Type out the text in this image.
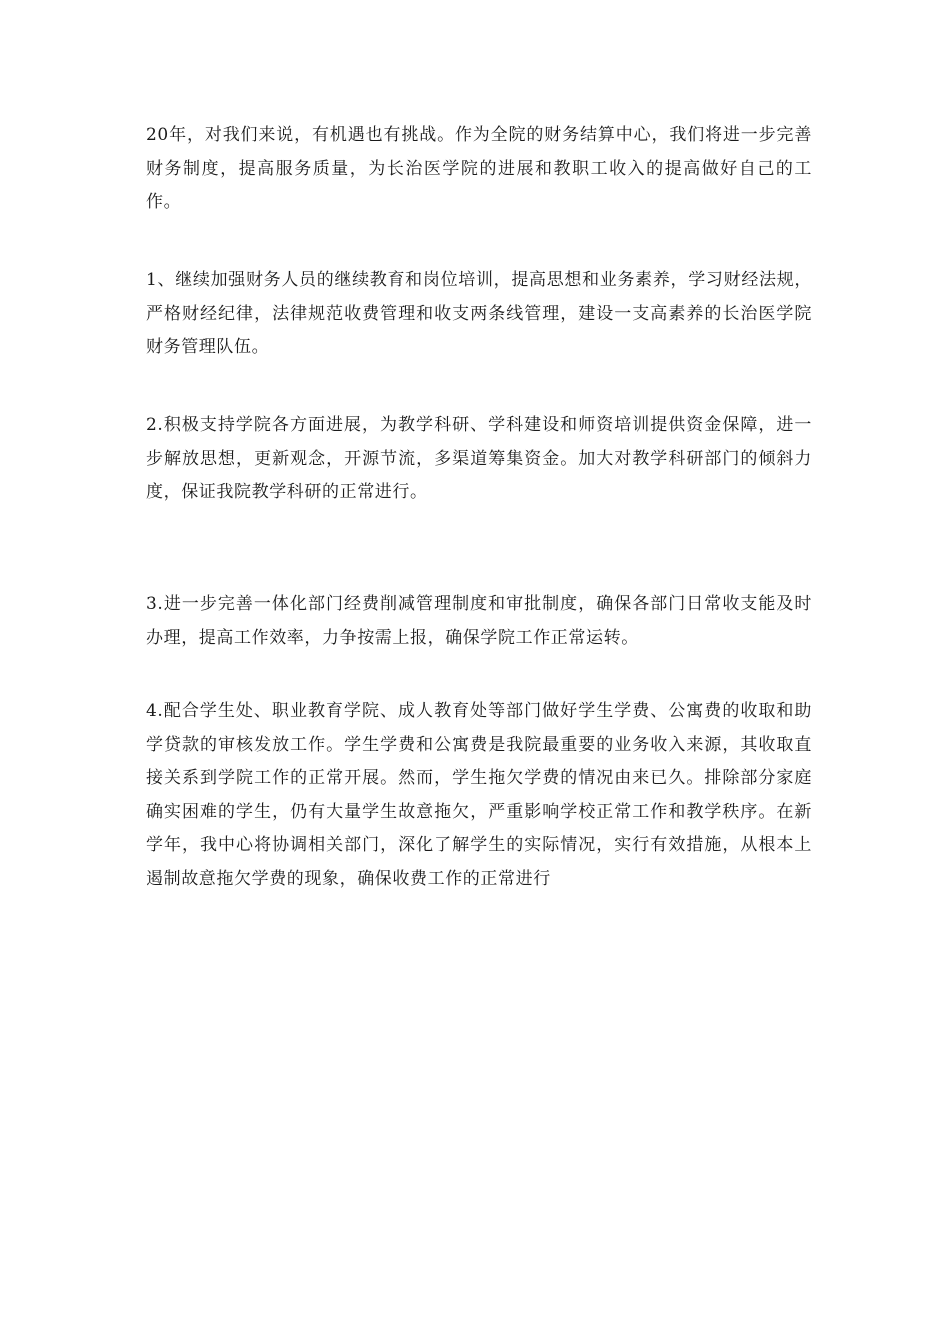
20年，对我们来说，有机遇也有挑战。作为全院的财务结算中心，我们将进一步完善财务制度，提高服务质量，为长治医学院的进展和教职工收入的提高做好自己的工作。

1、继续加强财务人员的继续教育和岗位培训，提高思想和业务素养，学习财经法规，严格财经纪律，法律规范收费管理和收支两条线管理，建设一支高素养的长治医学院财务管理队伍。

2.积极支持学院各方面进展，为教学科研、学科建设和师资培训提供资金保障，进一步解放思想，更新观念，开源节流，多渠道筹集资金。加大对教学科研部门的倾斜力度，保证我院教学科研的正常进行。

3.进一步完善一体化部门经费削减管理制度和审批制度，确保各部门日常收支能及时办理，提高工作效率，力争按需上报，确保学院工作正常运转。

4.配合学生处、职业教育学院、成人教育处等部门做好学生学费、公寓费的收取和助学贷款的审核发放工作。学生学费和公寓费是我院最重要的业务收入来源，其收取直接关系到学院工作的正常开展。然而，学生拖欠学费的情况由来已久。排除部分家庭确实困难的学生，仍有大量学生故意拖欠，严重影响学校正常工作和教学秩序。在新学年，我中心将协调相关部门，深化了解学生的实际情况，实行有效措施，从根本上遏制故意拖欠学费的现象，确保收费工作的正常进行
